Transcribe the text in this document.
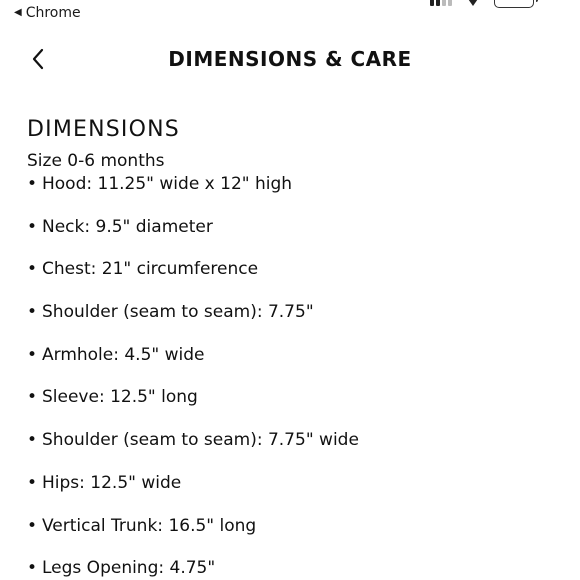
◀ Chrome
DIMENSIONS & CARE
DIMENSIONS
Size 0-6 months
• Hood: 11.25" wide x 12" high
• Neck: 9.5" diameter
• Chest: 21" circumference
• Shoulder (seam to seam): 7.75"
• Armhole: 4.5" wide
• Sleeve: 12.5" long
• Shoulder (seam to seam): 7.75" wide
• Hips: 12.5" wide
• Vertical Trunk: 16.5" long
• Legs Opening: 4.75"
